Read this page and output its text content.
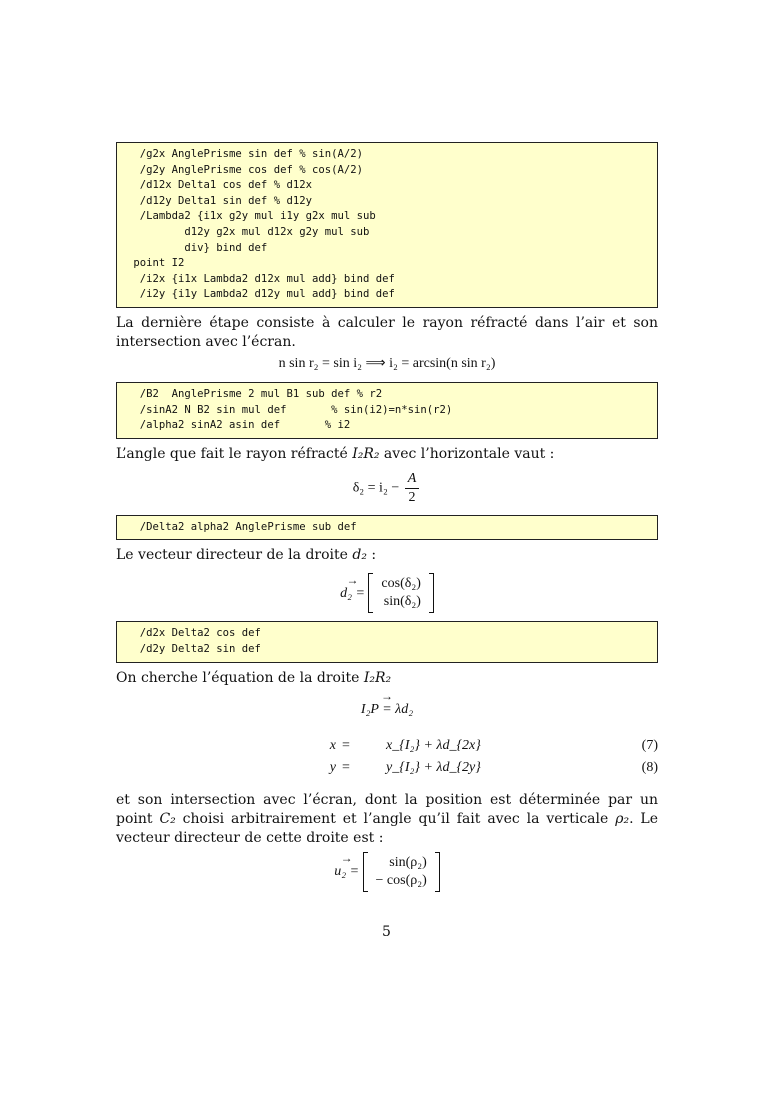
/g2x AnglePrisme sin def % sin(A/2)
/g2y AnglePrisme cos def % cos(A/2)
/d12x Delta1 cos def % d12x
/d12y Delta1 sin def % d12y
/Lambda2 {i1x g2y mul i1y g2x mul sub
d12y g2x mul d12x g2y mul sub
div} bind def
point I2
/i2x {i1x Lambda2 d12x mul add} bind def
/i2y {i1y Lambda2 d12y mul add} bind def

La dernière étape consiste à calculer le rayon réfracté dans l’air et son intersection avec l’écran.

n sin r₂ = sin i₂ ⟹ i₂ = arcsin(n sin r₂)
/B2  AnglePrisme 2 mul B1 sub def % r2
/sinA2 N B2 sin mul def       % sin(i2)=n*sin(r2)
/alpha2 sinA2 asin def       % i2

L’angle que fait le rayon réfracté I₂R₂ avec l’horizontale vaut :

$\delta_2 = i_2 - \frac{A}{2}$
/Delta2 alpha2 AnglePrisme sub def

Le vecteur directeur de la droite d₂ :

→ d₂ =
cos(δ₂)
sin(δ₂)
/d2x Delta2 cos def
/d2y Delta2 sin def

On cherche l’équation de la droite I₂R₂

→ I₂P = λd₂
x =	x_{I₂} + λd_{2x}	(7)
y =	y_{I₂} + λd_{2y}	(8)

et son intersection avec l’écran, dont la position est déterminée par un point C₂ choisi arbitrairement et l’angle qu’il fait avec la verticale ρ₂. Le vecteur directeur de cette droite est :

→ u₂ =
sin(ρ₂)
− cos(ρ₂)
5
